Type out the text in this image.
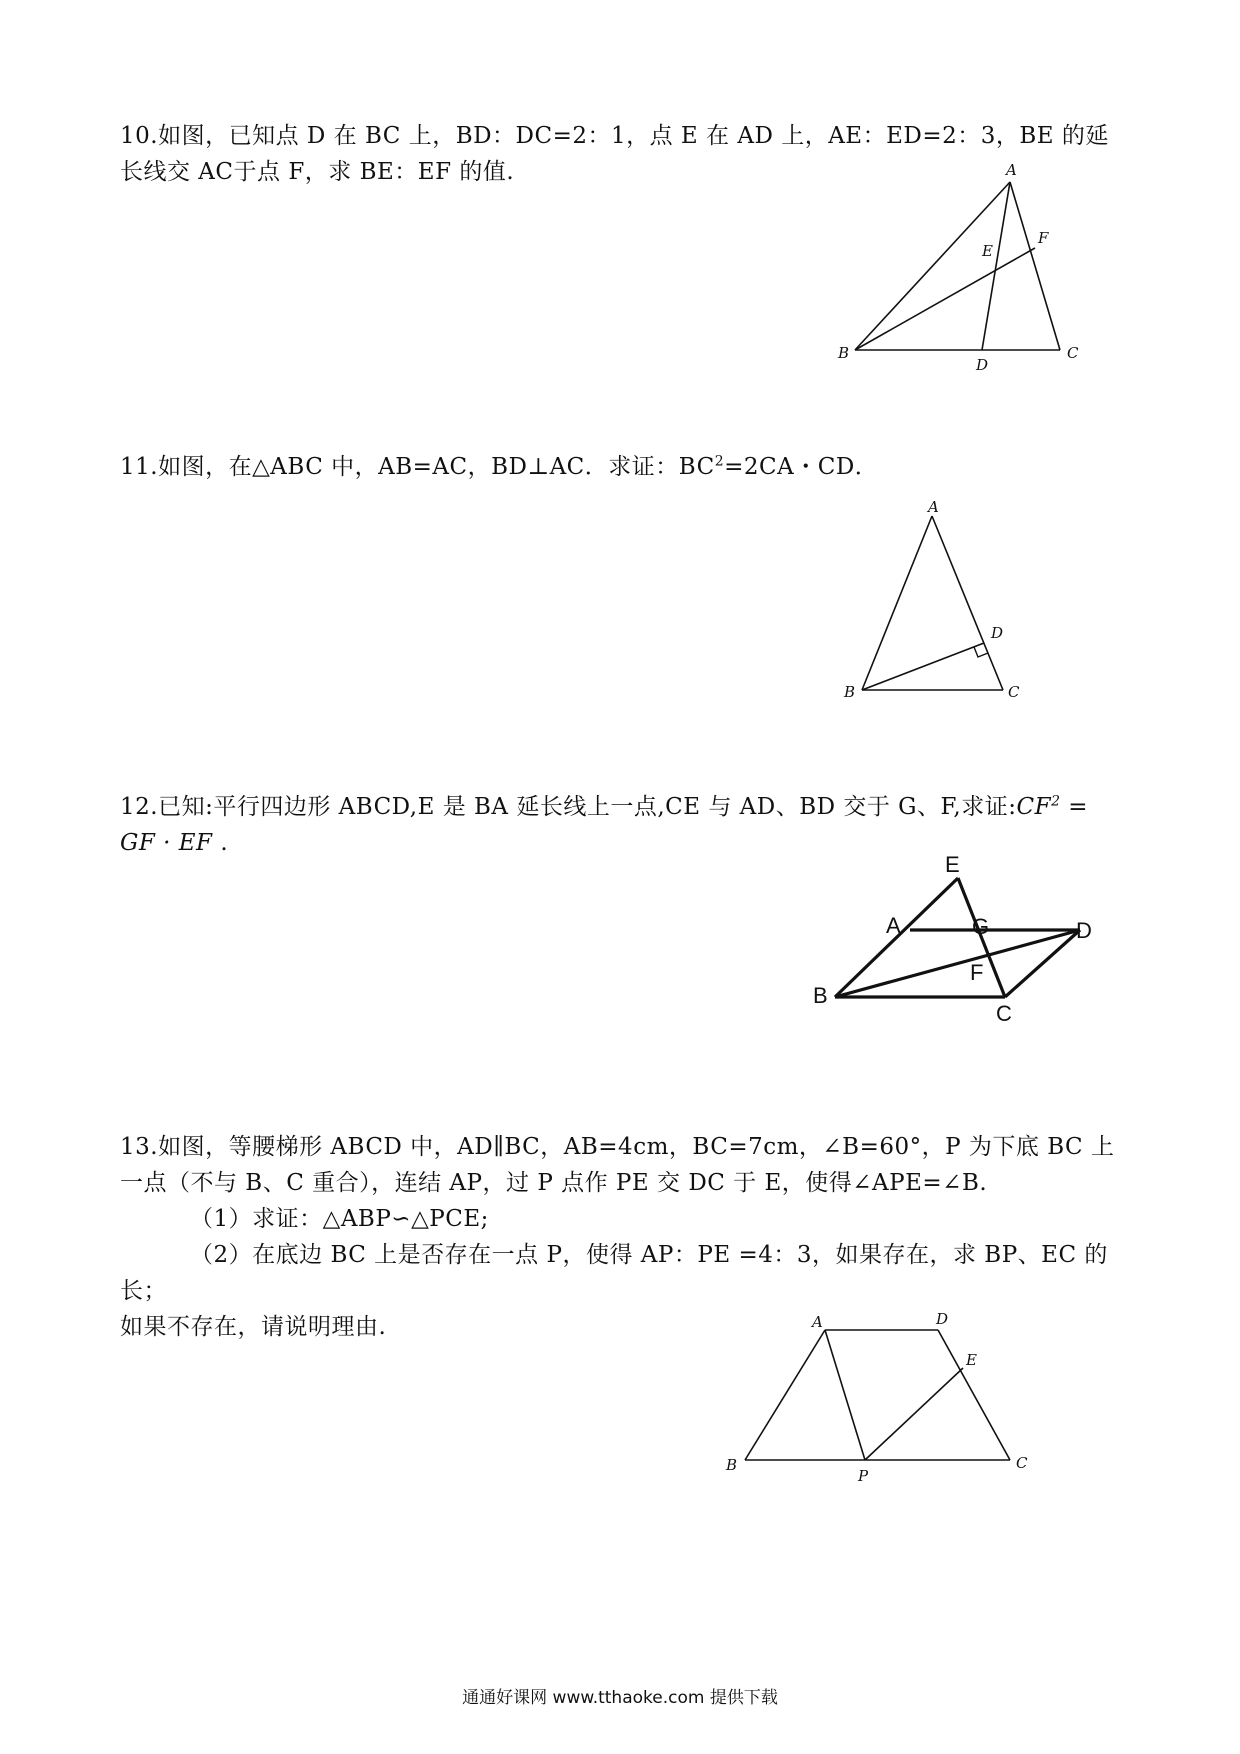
10.如图，已知点 D 在 BC 上，BD：DC=2：1，点 E 在 AD 上，AE：ED=2：3，BE 的延长线交 AC于点 F，求 BE：EF 的值.	A
B	C
D
E
F

11.如图，在△ABC 中，AB=AC，BD⊥AC．求证：$BC^2=2CA$・CD．

A
B	C
D

12.已知:平行四边形 ABCD,E 是 BA 延长线上一点,CE 与 AD、BD 交于 G、F,求证$:CF^2$ = GF · EF .

E
A	G	D
F
B
C

13.如图，等腰梯形 ABCD 中，AD∥BC，AB=4cm，BC=7cm，∠B=60°，P 为下底 BC 上一点（不与 B、C 重合），连结 AP，过 P 点作 PE 交 DC 于 E，使得∠APE=∠B.

（1）求证：△ABP∽△PCE;

（2）在底边 BC 上是否存在一点 P，使得 AP：PE =4：3，如果存在，求 BP、EC 的长；

如果不存在，请说明理由.	A	D
E
B
P
C
通通好课网 www.tthaoke.com 提供下载
